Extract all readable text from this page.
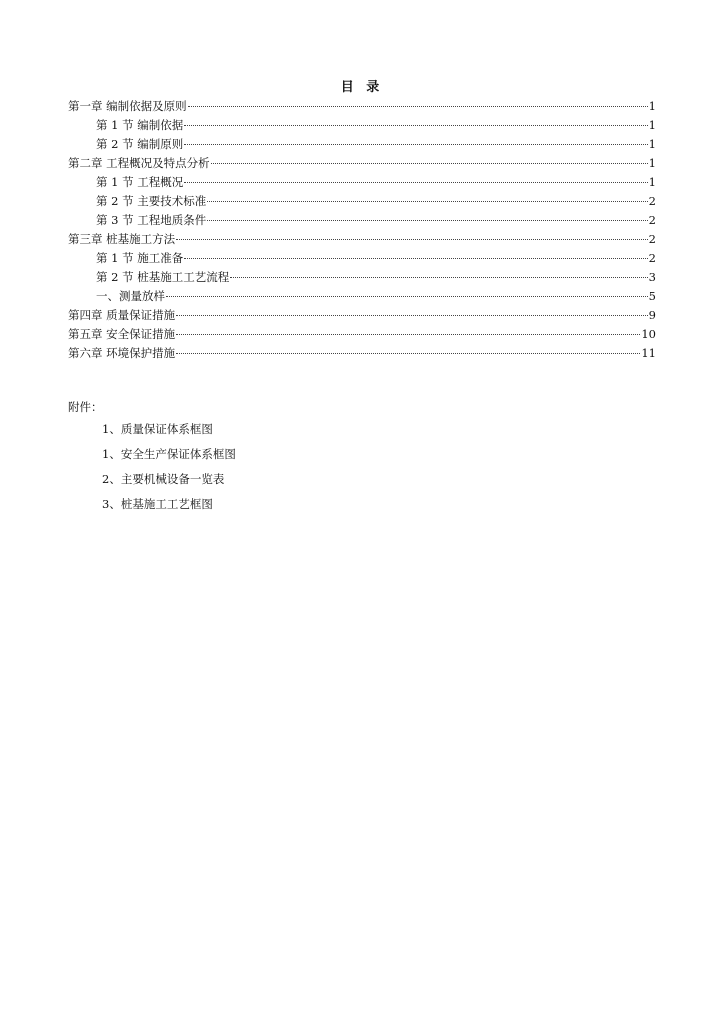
目 录
第一章 编制依据及原则	1
第 1 节 编制依据	1
第 2 节 编制原则	1
第二章 工程概况及特点分析	1
第 1 节 工程概况	1
第 2 节 主要技术标准	2
第 3 节 工程地质条件	2
第三章 桩基施工方法	2
第 1 节 施工准备	2
第 2 节 桩基施工工艺流程	3
一、测量放样	5
第四章 质量保证措施	9
第五章 安全保证措施	10
第六章 环境保护措施	11
附件：
1、质量保证体系框图
1、安全生产保证体系框图
2、主要机械设备一览表
3、桩基施工工艺框图
